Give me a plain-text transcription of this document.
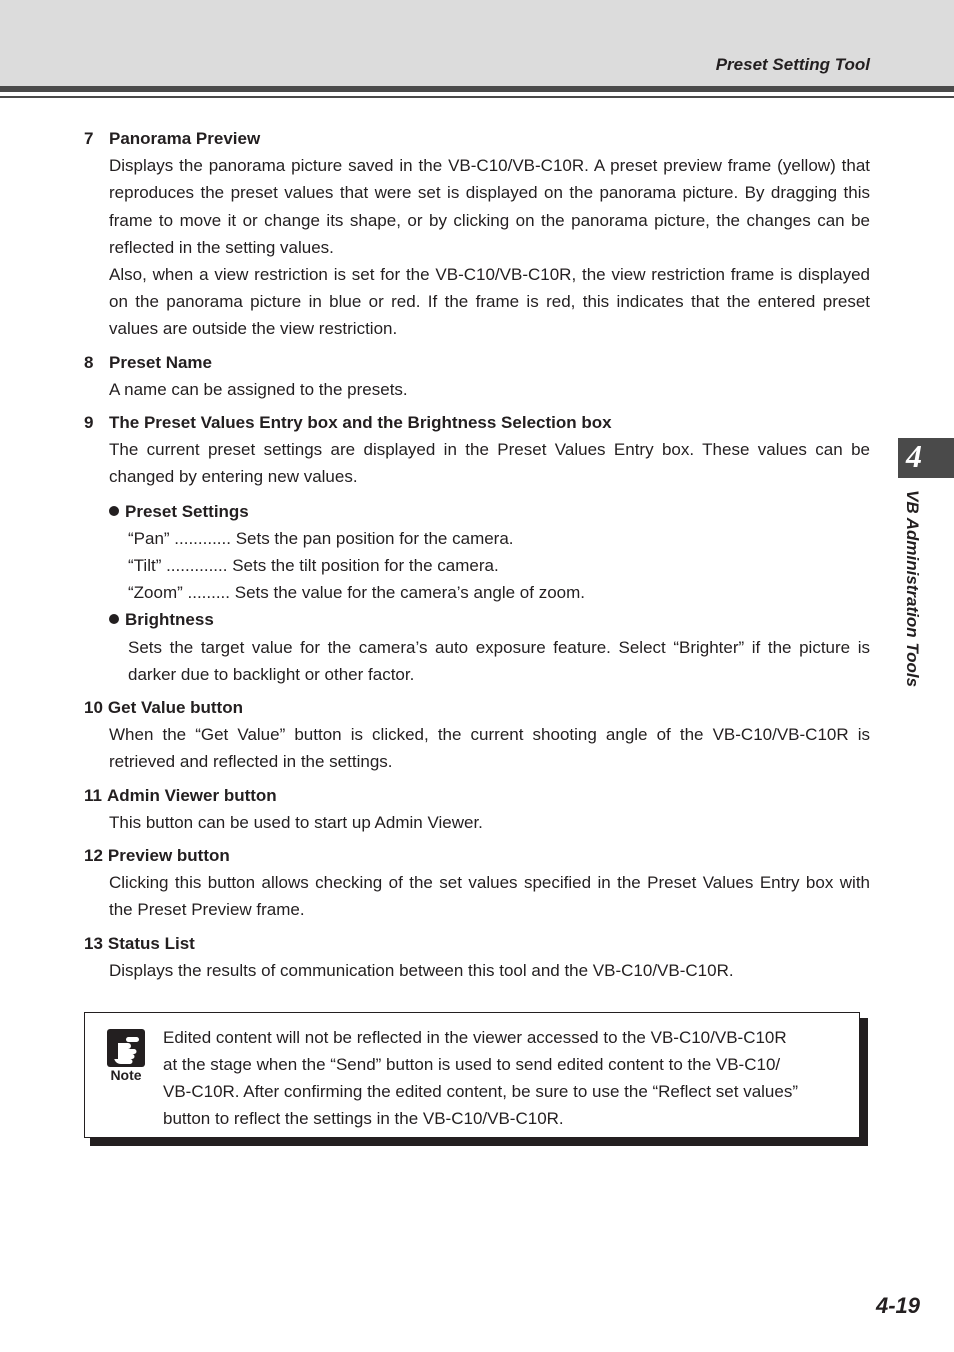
Preset Setting Tool
7 Panorama Preview
Displays the panorama picture saved in the VB-C10/VB-C10R. A preset preview frame (yellow) that reproduces the preset values that were set is displayed on the panorama picture. By dragging this frame to move it or change its shape, or by clicking on the panorama picture, the changes can be reflected in the setting values.
Also, when a view restriction is set for the VB-C10/VB-C10R, the view restriction frame is displayed on the panorama picture in blue or red. If the frame is red, this indicates that the entered preset values are outside the view restriction.
8 Preset Name
A name can be assigned to the presets.
9 The Preset Values Entry box and the Brightness Selection box
The current preset settings are displayed in the Preset Values Entry box. These values can be changed by entering new values.
Preset Settings
“Pan” ............ Sets the pan position for the camera.
“Tilt” ............. Sets the tilt position for the camera.
“Zoom” ......... Sets the value for the camera’s angle of zoom.
Brightness
Sets the target value for the camera’s auto exposure feature. Select “Brighter” if the picture is darker due to backlight or other factor.
10 Get Value button
When the “Get Value” button is clicked, the current shooting angle of the VB-C10/VB-C10R is retrieved and reflected in the settings.
11 Admin Viewer button
This button can be used to start up Admin Viewer.
12 Preview button
Clicking this button allows checking of the set values specified in the Preset Values Entry box with the Preset Preview frame.
13 Status List
Displays the results of communication between this tool and the VB-C10/VB-C10R.
Note
Edited content will not be reflected in the viewer accessed to the VB-C10/VB-C10R
at the stage when the “Send” button is used to send edited content to the VB-C10/
VB-C10R. After confirming the edited content, be sure to use the “Reflect set values”
button to reflect the settings in the VB-C10/VB-C10R.
4
VB Administration Tools
4-19
